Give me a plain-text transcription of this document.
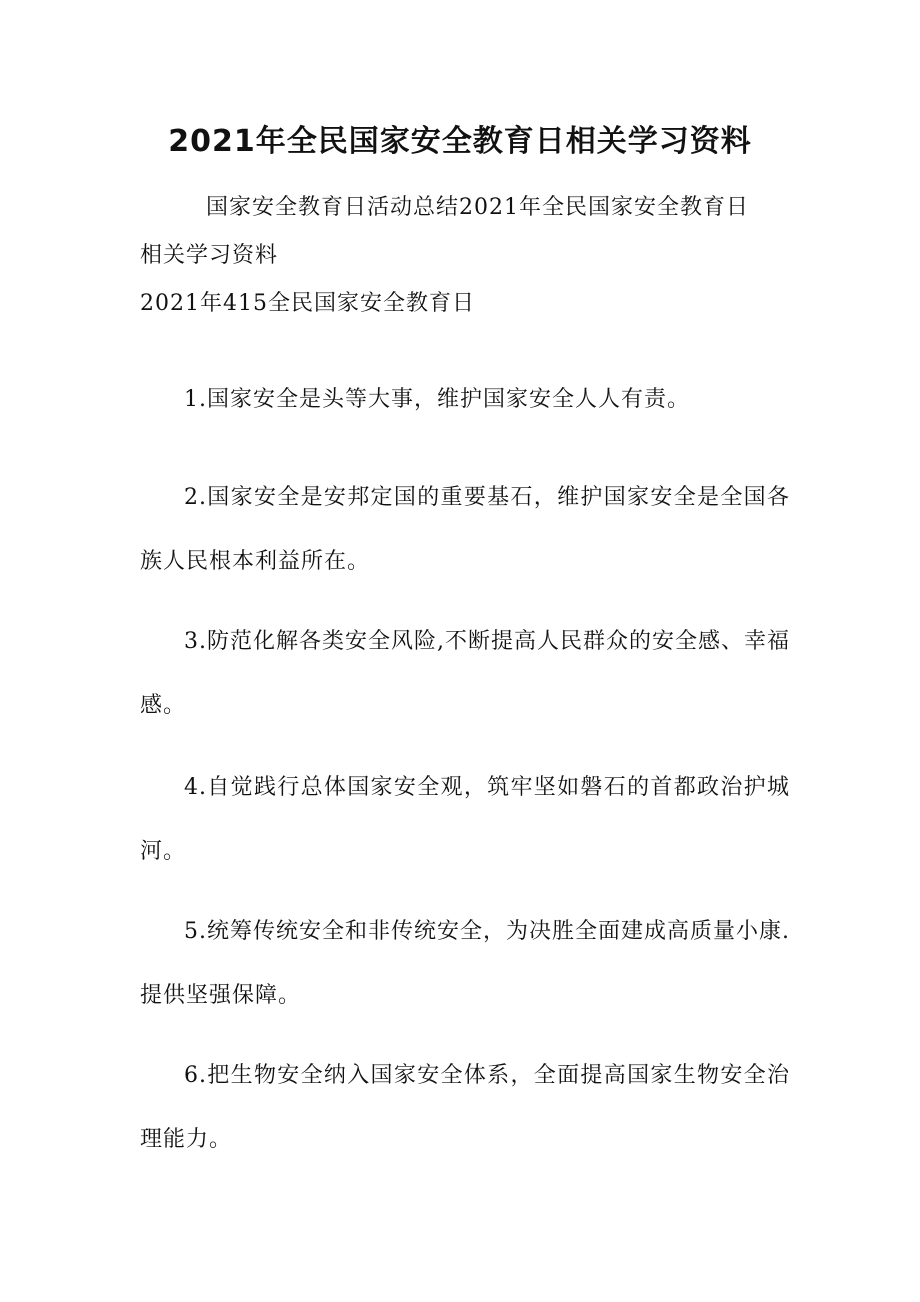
2021年全民国家安全教育日相关学习资料
国家安全教育日活动总结2021年全民国家安全教育日
相关学习资料
2021年415全民国家安全教育日
1.国家安全是头等大事，维护国家安全人人有责。
2.国家安全是安邦定国的重要基石，维护国家安全是全国各族人民根本利益所在。
3.防范化解各类安全风险,不断提高人民群众的安全感、幸福感。
4.自觉践行总体国家安全观，筑牢坚如磐石的首都政治护城河。
5.统筹传统安全和非传统安全，为决胜全面建成高质量小康.提供坚强保障。
6.把生物安全纳入国家安全体系，全面提高国家生物安全治理能力。
